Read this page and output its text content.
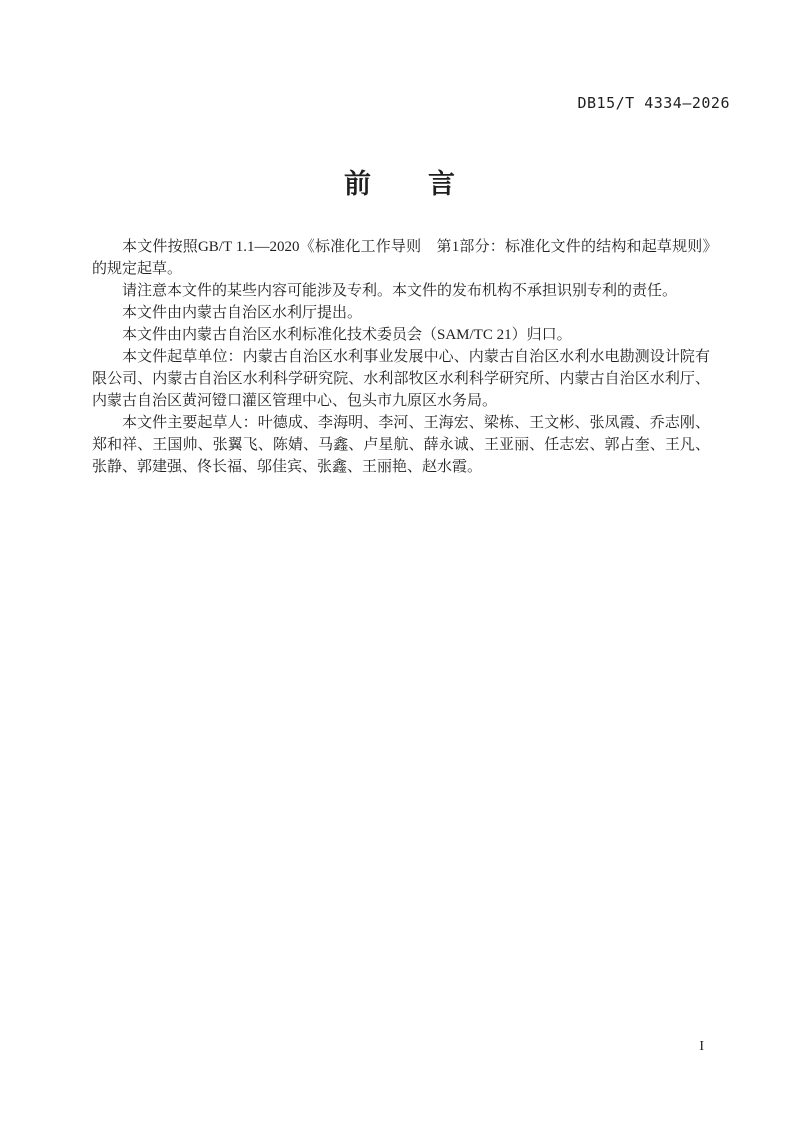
DB15/T 4334—2026
前　　言

本文件按照GB/T 1.1—2020《标准化工作导则　第1部分：标准化文件的结构和起草规则》的规定起草。

请注意本文件的某些内容可能涉及专利。本文件的发布机构不承担识别专利的责任。

本文件由内蒙古自治区水利厅提出。

本文件由内蒙古自治区水利标准化技术委员会（SAM/TC 21）归口。

本文件起草单位：内蒙古自治区水利事业发展中心、内蒙古自治区水利水电勘测设计院有限公司、内蒙古自治区水利科学研究院、水利部牧区水利科学研究所、内蒙古自治区水利厅、内蒙古自治区黄河镫口灌区管理中心、包头市九原区水务局。

本文件主要起草人：叶德成、李海明、李河、王海宏、梁栋、王文彬、张凤霞、乔志刚、郑和祥、王国帅、张翼飞、陈婧、马鑫、卢星航、薛永诚、王亚丽、任志宏、郭占奎、王凡、张静、郭建强、佟长福、邬佳宾、张鑫、王丽艳、赵水霞。

I
